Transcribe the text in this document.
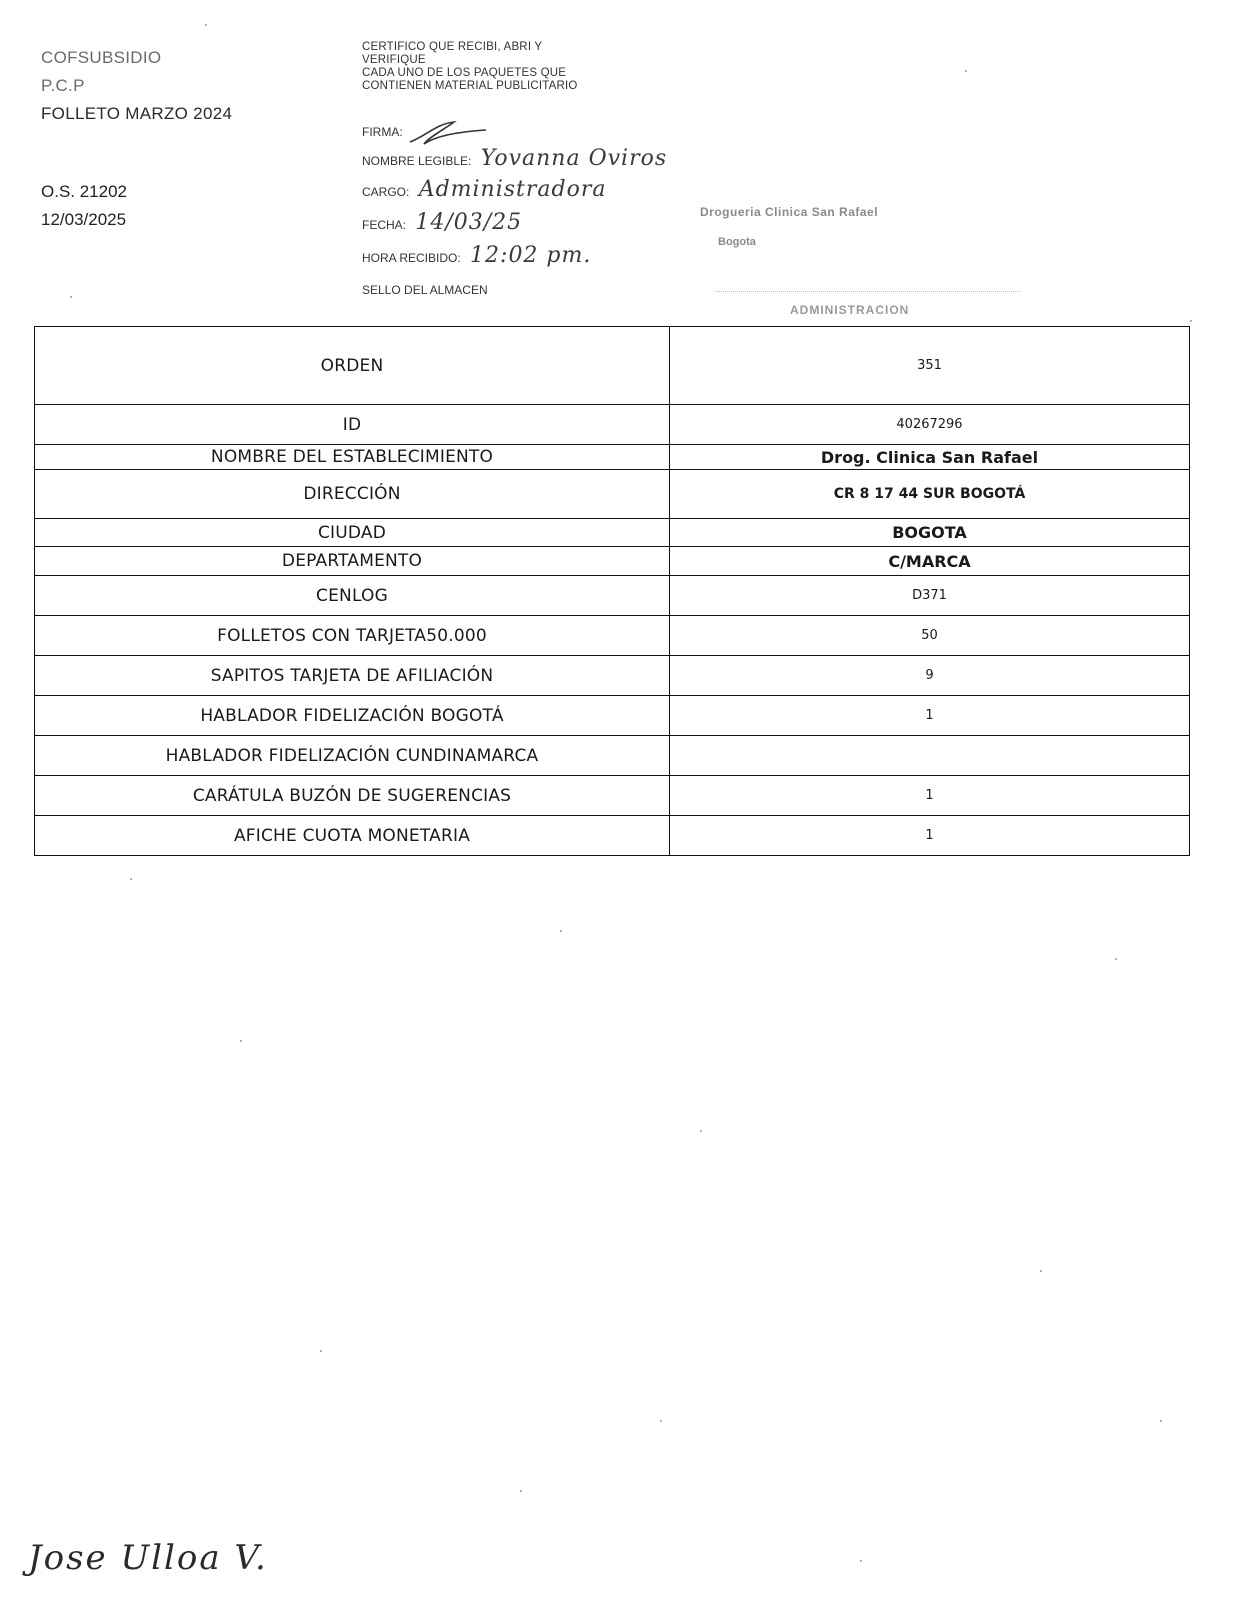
COFSUBSIDIO
P.C.P
FOLLETO MARZO 2024
O.S. 21202
12/03/2025
CERTIFICO QUE RECIBI, ABRI Y
VERIFIQUE
CADA UNO DE LOS PAQUETES QUE
CONTIENEN MATERIAL PUBLICITARIO
FIRMA:
NOMBRE LEGIBLE: Yovanna Oviros
CARGO: Administradora
FECHA: 14/03/25
HORA RECIBIDO: 12:02 pm.
SELLO DEL ALMACEN
Drogueria Clinica San Rafael
Bogota
ADMINISTRACION
ORDEN	351
ID	40267296
NOMBRE DEL ESTABLECIMIENTO	Drog. Clinica San Rafael
DIRECCIÓN	CR 8 17 44 SUR BOGOTÁ
CIUDAD	BOGOTA
DEPARTAMENTO	C/MARCA
CENLOG	D371
FOLLETOS CON TARJETA50.000	50
SAPITOS TARJETA DE AFILIACIÓN	9
HABLADOR FIDELIZACIÓN BOGOTÁ	1
HABLADOR FIDELIZACIÓN CUNDINAMARCA	
CARÁTULA BUZÓN DE SUGERENCIAS	1
AFICHE CUOTA MONETARIA	1
Jose Ulloa V.
